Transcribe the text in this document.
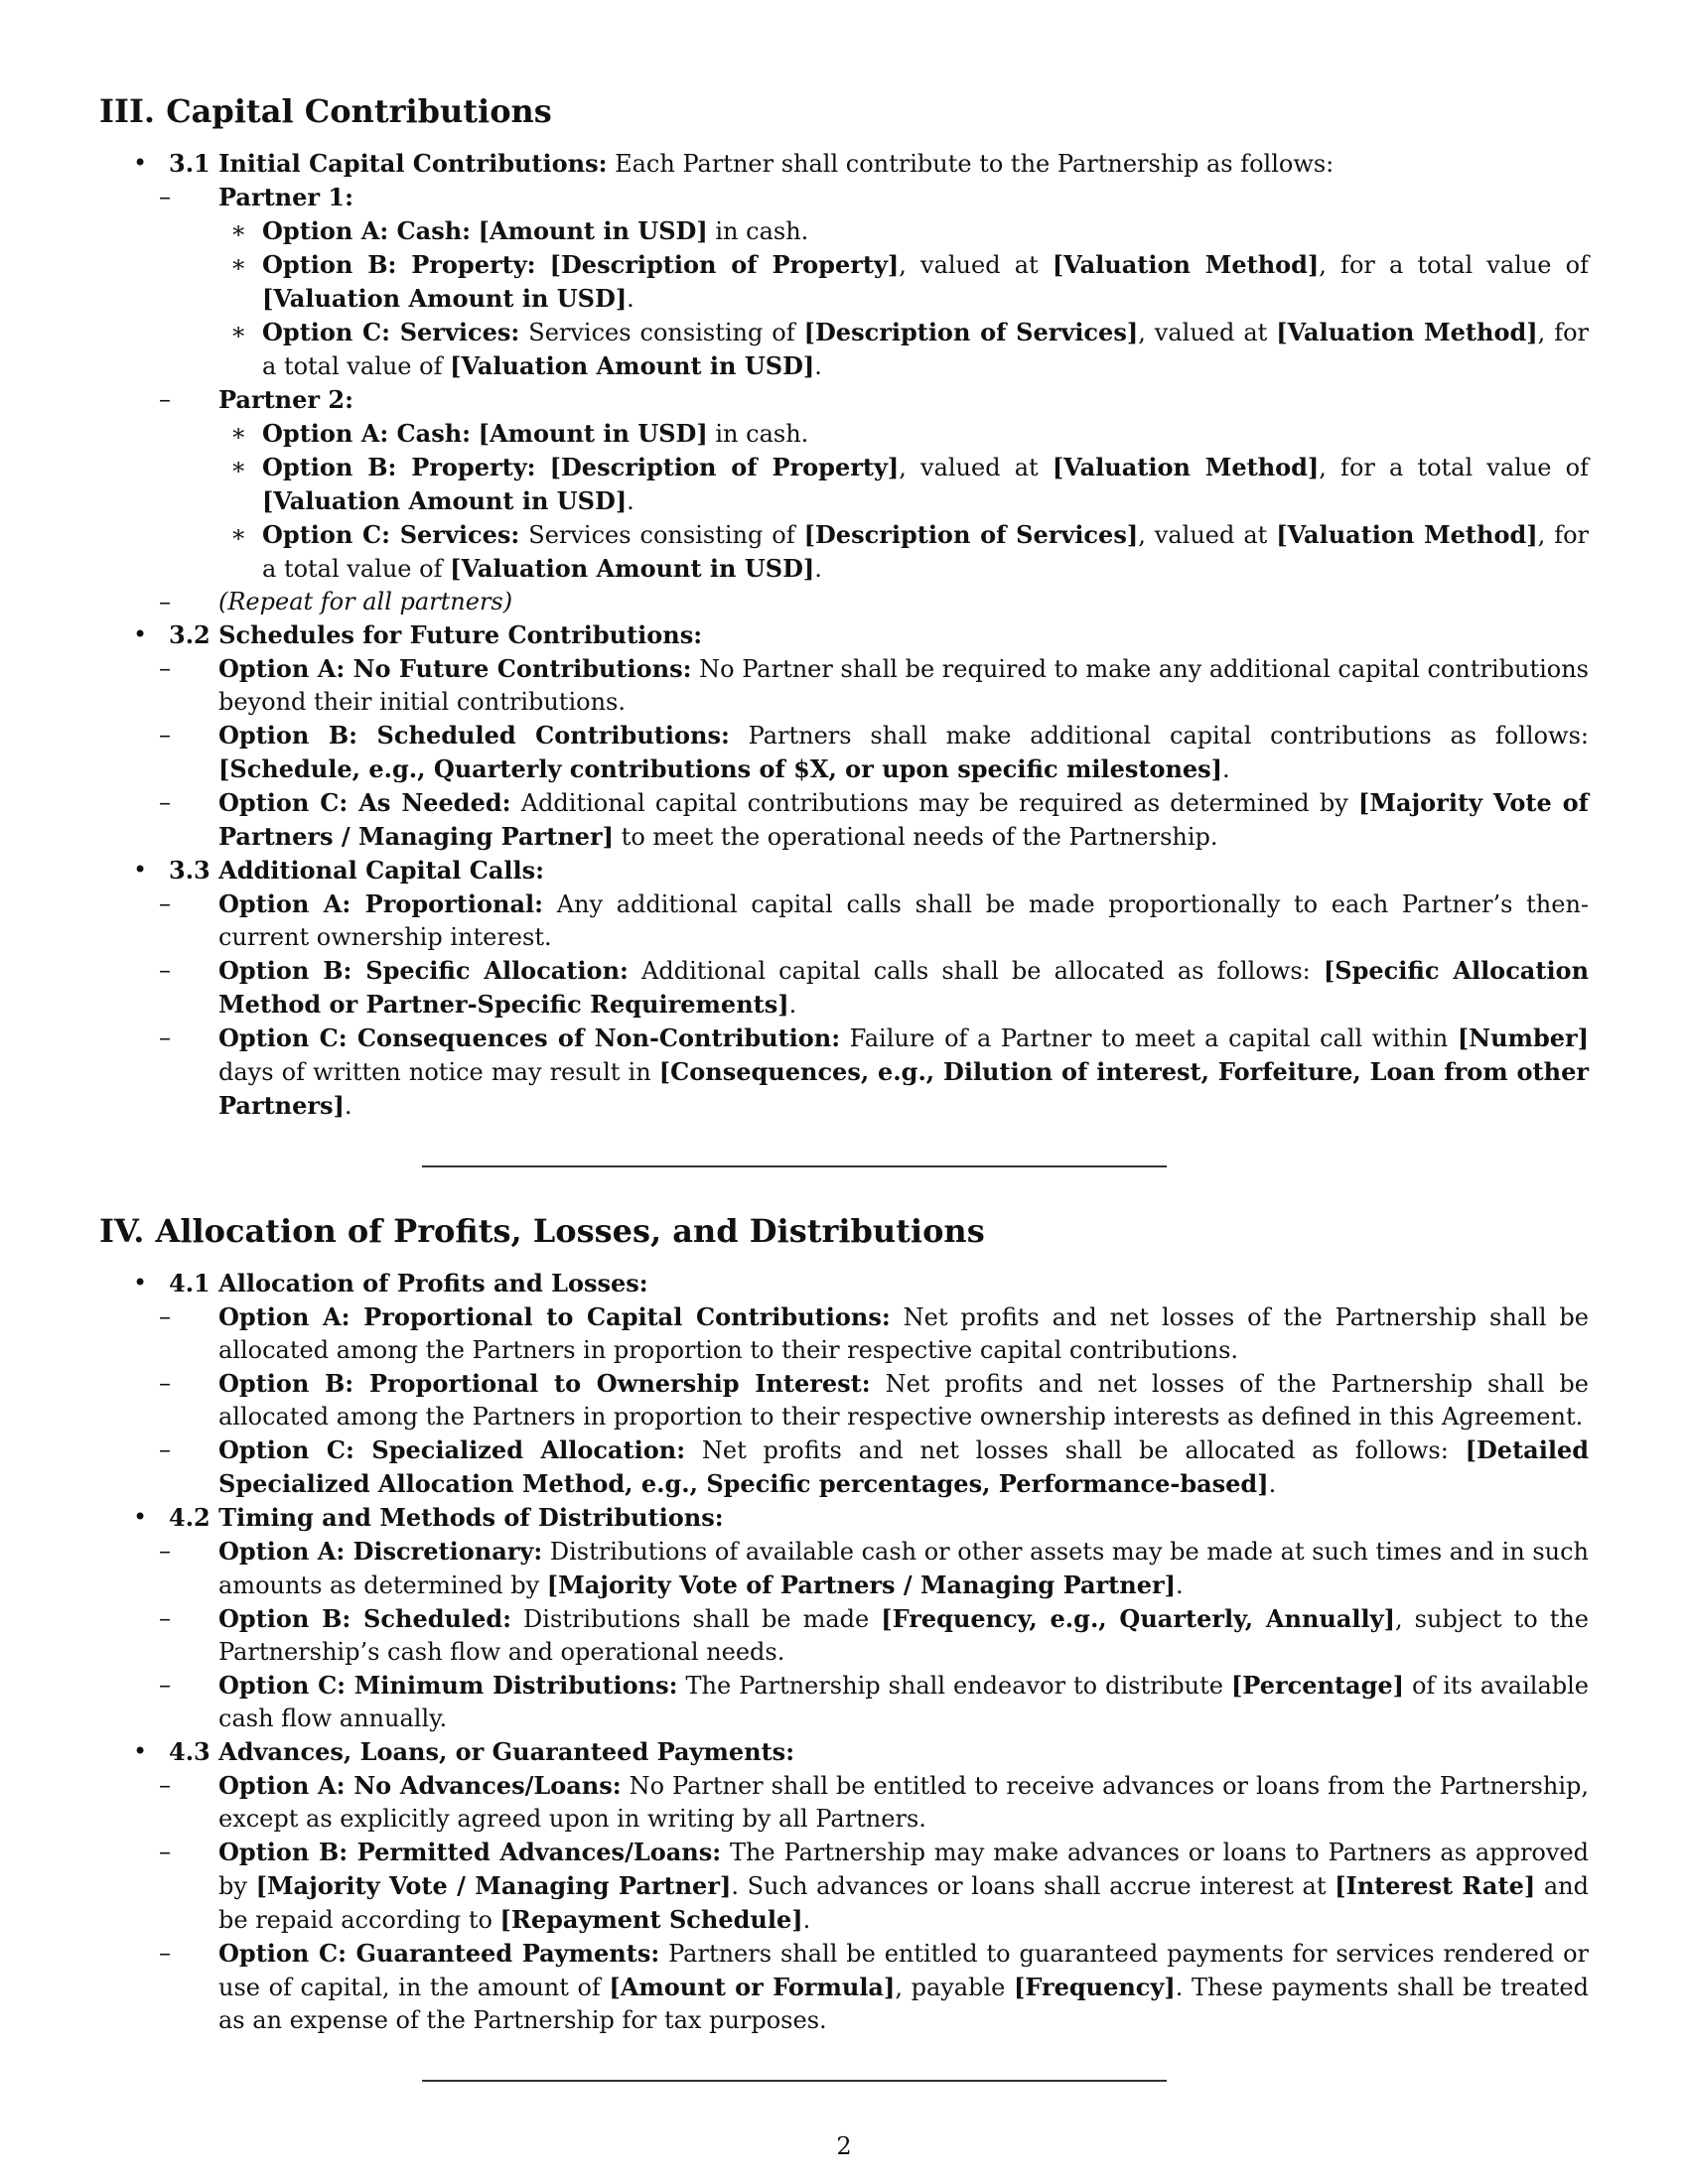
III. Capital Contributions
• 3.1 Initial Capital Contributions: Each Partner shall contribute to the Partnership as follows:
– Partner 1:
∗ Option A: Cash: [Amount in USD] in cash.
∗ Option B: Property: [Description of Property], valued at [Valuation Method], for a total value of [Valuation Amount in USD].
∗ Option C: Services: Services consisting of [Description of Services], valued at [Valuation Method], for a total value of [Valuation Amount in USD].
– Partner 2:
∗ Option A: Cash: [Amount in USD] in cash.
∗ Option B: Property: [Description of Property], valued at [Valuation Method], for a total value of [Valuation Amount in USD].
∗ Option C: Services: Services consisting of [Description of Services], valued at [Valuation Method], for a total value of [Valuation Amount in USD].
– (Repeat for all partners)
• 3.2 Schedules for Future Contributions:
– Option A: No Future Contributions: No Partner shall be required to make any additional capital contributions beyond their initial contributions.
– Option B: Scheduled Contributions: Partners shall make additional capital contributions as follows: [Schedule, e.g., Quarterly contributions of $X, or upon specific milestones].
– Option C: As Needed: Additional capital contributions may be required as determined by [Majority Vote of Partners / Managing Partner] to meet the operational needs of the Partnership.
• 3.3 Additional Capital Calls:
– Option A: Proportional: Any additional capital calls shall be made proportionally to each Partner’s then-current ownership interest.
– Option B: Specific Allocation: Additional capital calls shall be allocated as follows: [Specific Allocation Method or Partner-Specific Requirements].
– Option C: Consequences of Non-Contribution: Failure of a Partner to meet a capital call within [Number] days of written notice may result in [Consequences, e.g., Dilution of interest, Forfeiture, Loan from other Partners].
IV. Allocation of Profits, Losses, and Distributions
• 4.1 Allocation of Profits and Losses:
– Option A: Proportional to Capital Contributions: Net profits and net losses of the Partnership shall be allocated among the Partners in proportion to their respective capital contributions.
– Option B: Proportional to Ownership Interest: Net profits and net losses of the Partnership shall be allocated among the Partners in proportion to their respective ownership interests as defined in this Agreement.
– Option C: Specialized Allocation: Net profits and net losses shall be allocated as follows: [Detailed Specialized Allocation Method, e.g., Specific percentages, Performance-based].
• 4.2 Timing and Methods of Distributions:
– Option A: Discretionary: Distributions of available cash or other assets may be made at such times and in such amounts as determined by [Majority Vote of Partners / Managing Partner].
– Option B: Scheduled: Distributions shall be made [Frequency, e.g., Quarterly, Annually], subject to the Partnership’s cash flow and operational needs.
– Option C: Minimum Distributions: The Partnership shall endeavor to distribute [Percentage] of its available cash flow annually.
• 4.3 Advances, Loans, or Guaranteed Payments:
– Option A: No Advances/Loans: No Partner shall be entitled to receive advances or loans from the Partnership, except as explicitly agreed upon in writing by all Partners.
– Option B: Permitted Advances/Loans: The Partnership may make advances or loans to Partners as approved by [Majority Vote / Managing Partner]. Such advances or loans shall accrue interest at [Interest Rate] and be repaid according to [Repayment Schedule].
– Option C: Guaranteed Payments: Partners shall be entitled to guaranteed payments for services rendered or use of capital, in the amount of [Amount or Formula], payable [Frequency]. These payments shall be treated as an expense of the Partnership for tax purposes.
2
